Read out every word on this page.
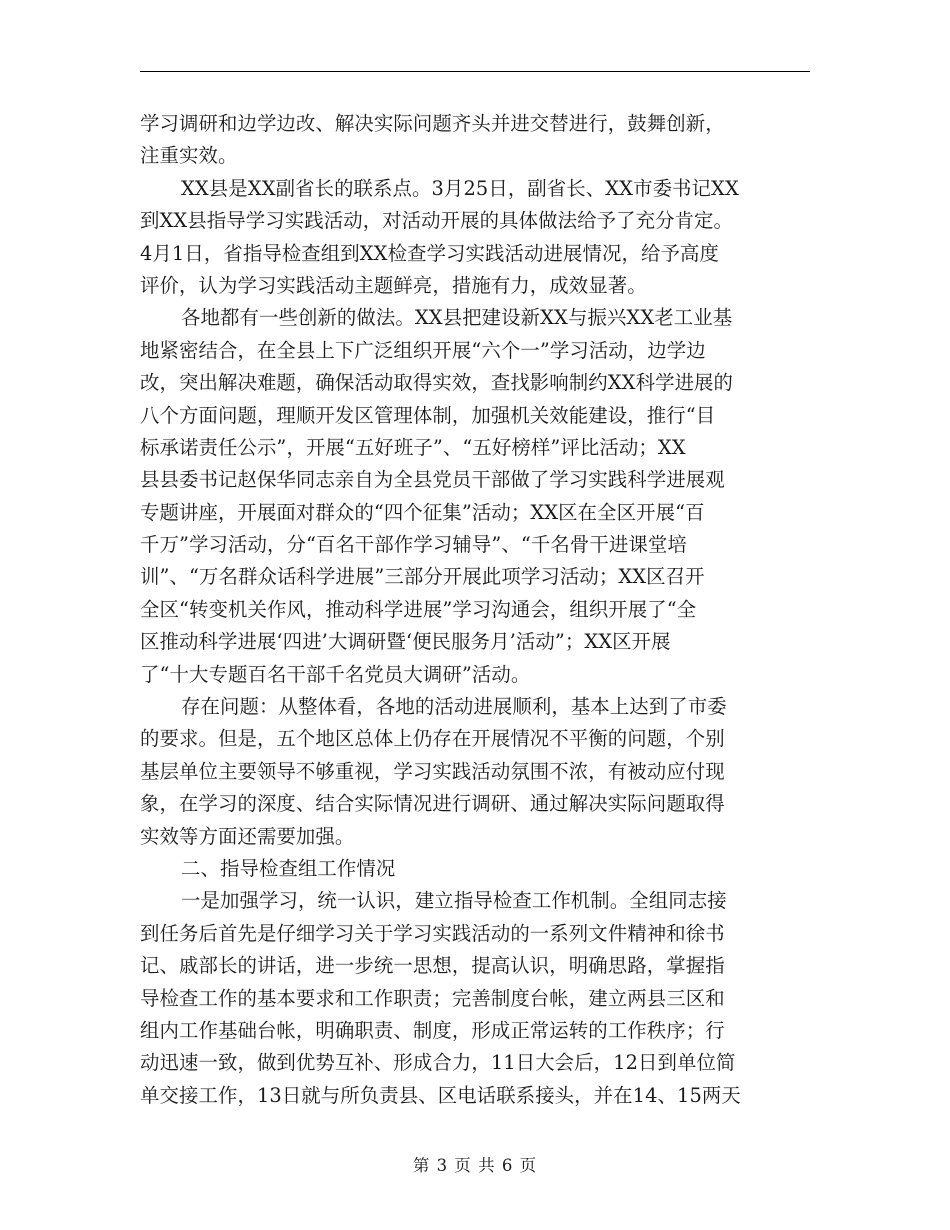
学习调研和边学边改、解决实际问题齐头并进交替进行，鼓舞创新，
注重实效。
XX县是XX副省长的联系点。3月25日，副省长、XX市委书记XX
到XX县指导学习实践活动，对活动开展的具体做法给予了充分肯定。
4月1日，省指导检查组到XX检查学习实践活动进展情况，给予高度
评价，认为学习实践活动主题鲜亮，措施有力，成效显著。
各地都有一些创新的做法。XX县把建设新XX与振兴XX老工业基
地紧密结合，在全县上下广泛组织开展“六个一”学习活动，边学边
改，突出解决难题，确保活动取得实效，查找影响制约XX科学进展的
八个方面问题，理顺开发区管理体制，加强机关效能建设，推行“目
标承诺责任公示”，开展“五好班子”、“五好榜样”评比活动；XX
县县委书记赵保华同志亲自为全县党员干部做了学习实践科学进展观
专题讲座，开展面对群众的“四个征集”活动；XX区在全区开展“百
千万”学习活动，分“百名干部作学习辅导”、“千名骨干进课堂培
训”、“万名群众话科学进展”三部分开展此项学习活动；XX区召开
全区“转变机关作风，推动科学进展”学习沟通会，组织开展了“全
区推动科学进展‘四进’大调研暨‘便民服务月’活动”；XX区开展
了“十大专题百名干部千名党员大调研”活动。
存在问题：从整体看，各地的活动进展顺利，基本上达到了市委
的要求。但是，五个地区总体上仍存在开展情况不平衡的问题，个别
基层单位主要领导不够重视，学习实践活动氛围不浓，有被动应付现
象，在学习的深度、结合实际情况进行调研、通过解决实际问题取得
实效等方面还需要加强。
二、指导检查组工作情况
一是加强学习，统一认识，建立指导检查工作机制。全组同志接
到任务后首先是仔细学习关于学习实践活动的一系列文件精神和徐书
记、戚部长的讲话，进一步统一思想，提高认识，明确思路，掌握指
导检查工作的基本要求和工作职责；完善制度台帐，建立两县三区和
组内工作基础台帐，明确职责、制度，形成正常运转的工作秩序；行
动迅速一致，做到优势互补、形成合力，11日大会后，12日到单位简
单交接工作，13日就与所负责县、区电话联系接头，并在14、15两天
第 3 页 共 6 页
